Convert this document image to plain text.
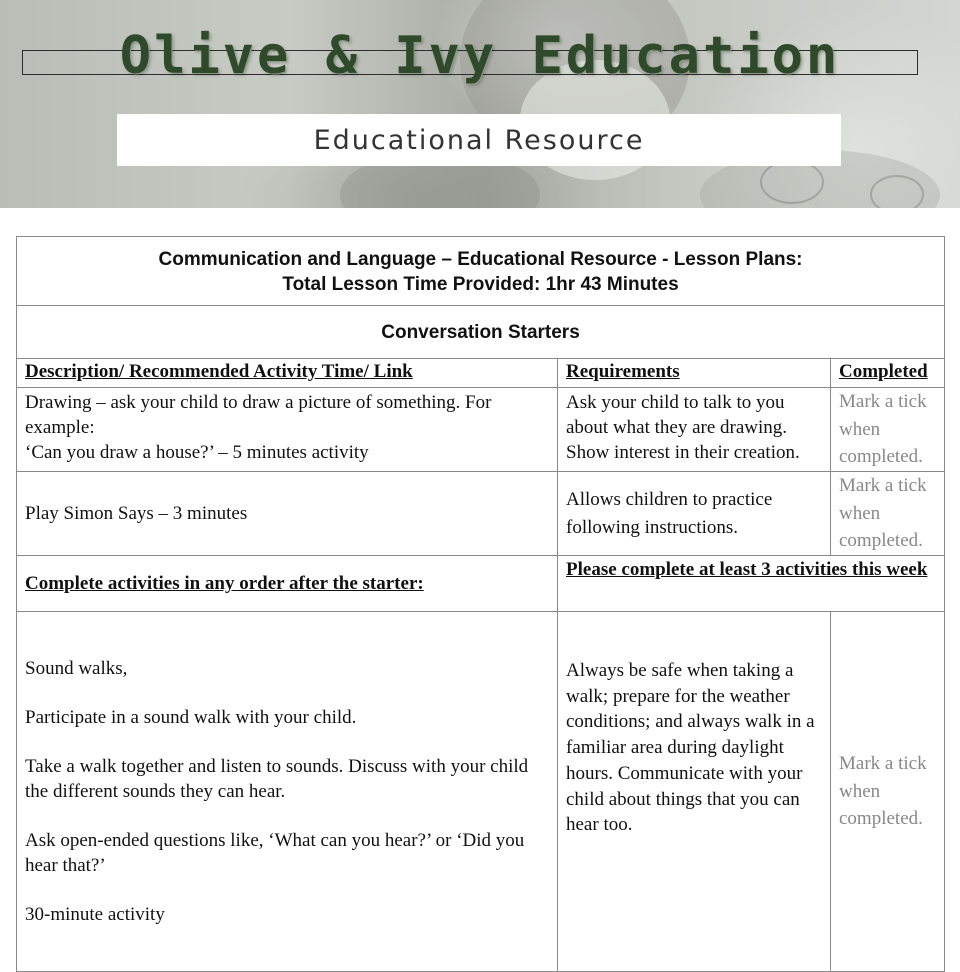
Olive & Ivy Education
Educational Resource
Communication and Language – Educational Resource - Lesson Plans:
Total Lesson Time Provided: 1hr 43 Minutes		

Conversation Starters		
Description/ Recommended Activity Time/ Link	Requirements	Completed

Drawing – ask your child to draw a picture of something. For example:
‘Can you draw a house?’ – 5 minutes activity	Ask your child to talk to you about what they are drawing. Show interest in their creation.	Mark a tick when completed.

Play Simon Says – 3 minutes	Allows children to practice following instructions.	Mark a tick when completed.
Complete activities in any order after the starter:	Please complete at least 3 activities this week	

Sound walks,

Participate in a sound walk with your child.

Take a walk together and listen to sounds. Discuss with your child the different sounds they can hear.

Ask open-ended questions like, ‘What can you hear?’ or ‘Did you hear that?’

30-minute activity	Always be safe when taking a walk; prepare for the weather conditions; and always walk in a familiar area during daylight hours. Communicate with your child about things that you can hear too.	Mark a tick when completed.
